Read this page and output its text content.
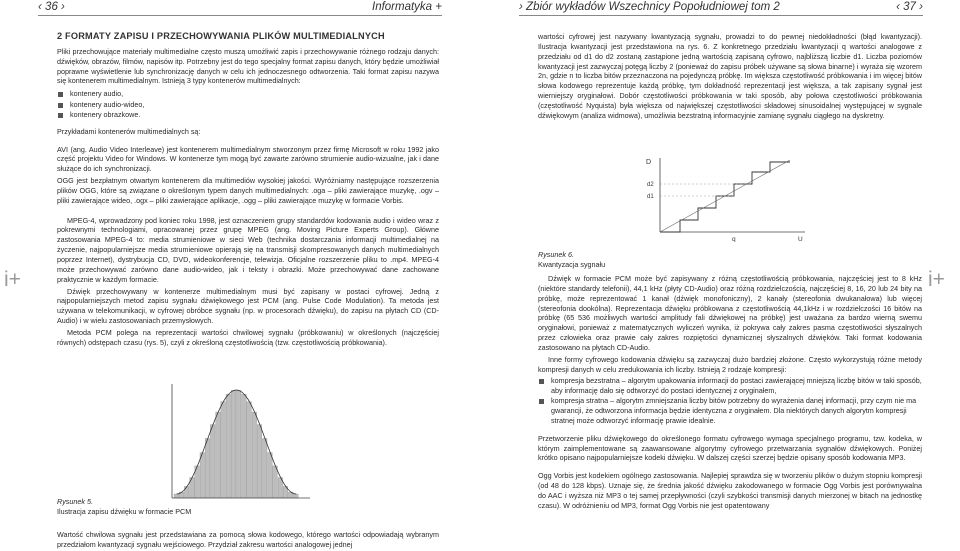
‹ 36 ›	Informatyka +	› Zbiór wykładów Wszechnicy Popołudniowej tom 2	‹ 37 ›
i+	i+
2 FORMATY ZAPISU I PRZECHOWYWANIA PLIKÓW MULTIMEDIALNYCH

Pliki przechowujące materiały multimedialne często muszą umożliwić zapis i przechowywanie różnego rodzaju danych: dźwięków, obrazów, filmów, napisów itp. Potrzebny jest do tego specjalny format zapisu danych, który będzie umożliwiał poprawne wyświetlenie lub synchronizację danych w celu ich jednoczesnego odtworzenia. Taki format zapisu nazywa się kontenerem multimedialnym. Istnieją 3 typy kontenerów multimedialnych:

kontenery audio,
kontenery audio-wideo,
kontenery obrazkowe.

Przykładami kontenerów multimedialnych są:

AVI (ang. Audio Video Interleave) jest kontenerem multimedialnym stworzonym przez firmę Microsoft w roku 1992 jako część projektu Video for Windows. W kontenerze tym mogą być zawarte zarówno strumienie audio-wizualne, jak i dane służące do ich synchronizacji.

OGG jest bezpłatnym otwartym kontenerem dla multimediów wysokiej jakości. Wyróżniamy następujące rozszerzenia plików OGG, które są związane o określonym typem danych multimedialnych: .oga – pliki zawierające muzykę, .ogv – pliki zawierające wideo, .ogx – pliki zawierające aplikacje, .ogg – pliki zawierające muzykę w formacie Vorbis.

MPEG-4, wprowadzony pod koniec roku 1998, jest oznaczeniem grupy standardów kodowania audio i wideo wraz z pokrewnymi technologiami, opracowanej przez grupę MPEG (ang. Moving Picture Experts Group). Główne zastosowania MPEG-4 to: media strumieniowe w sieci Web (technika dostarczania informacji multimedialnej na życzenie, najpopularniejsze media strumieniowe opierają się na transmisji skompresowanych danych multimedialnych poprzez Internet), dystrybucja CD, DVD, wideokonferencje, telewizja. Oficjalne rozszerzenie pliku to .mp4. MPEG-4 może przechowywać zarówno dane audio-wideo, jak i teksty i obrazki. Może przechowywać dane zachowane praktycznie w każdym formacie.

Dźwięk przechowywany w kontenerze multimedialnym musi być zapisany w postaci cyfrowej. Jedną z najpopularniejszych metod zapisu sygnału dźwiękowego jest PCM (ang. Pulse Code Modulation). Ta metoda jest używana w telekomunikacji, w cyfrowej obróbce sygnału (np. w procesorach dźwięku), do zapisu na płytach CD (CD-Audio) i w wielu zastosowaniach przemysłowych.

Metoda PCM polega na reprezentacji wartości chwilowej sygnału (próbkowaniu) w określonych (najczęściej równych) odstępach czasu (rys. 5), czyli z określoną częstotliwością (tzw. częstotliwością próbkowania).

Rysunek 5.
Ilustracja zapisu dźwięku w formacie PCM

Wartość chwilowa sygnału jest przedstawiana za pomocą słowa kodowego, którego wartości odpowiadają wybranym przedziałom kwantyzacji sygnału wejściowego. Przydział zakresu wartości analogowej jednej

wartości cyfrowej jest nazywany kwantyzacją sygnału, prowadzi to do pewnej niedokładności (błąd kwantyzacji). Ilustracja kwantyzacji jest przedstawiona na rys. 6. Z konkretnego przedziału kwantyzacji q wartości analogowe z przedziału od d1 do d2 zostaną zastąpione jedną wartością zapisaną cyfrowo, najbliższą liczbie d1. Liczba poziomów kwantyzacji jest zazwyczaj potęgą liczby 2 (ponieważ do zapisu próbek używane są słowa binarne) i wyraża się wzorem 2n, gdzie n to liczba bitów przeznaczona na pojedynczą próbkę. Im większa częstotliwość próbkowania i im więcej bitów słowa kodowego reprezentuje każdą próbkę, tym dokładność reprezentacji jest większa, a tak zapisany sygnał jest wierniejszy oryginałowi. Dobór częstotliwości próbkowania w taki sposób, aby połowa częstotliwości próbkowania (częstotliwość Nyquista) była większa od największej częstotliwości składowej sinusoidalnej występującej w sygnale dźwiękowym (analiza widmowa), umożliwia bezstratną informacyjnie zamianę sygnału ciągłego na dyskretny.

D
d2
d1
q	U
Rysunek 6.
Kwantyzacja sygnału

Dźwięk w formacie PCM może być zapisywany z różną częstotliwością próbkowania, najczęściej jest to 8 kHz (niektóre standardy telefonii), 44,1 kHz (płyty CD-Audio) oraz różną rozdzielczością, najczęściej 8, 16, 20 lub 24 bity na próbkę, może reprezentować 1 kanał (dźwięk monofoniczny), 2 kanały (stereofonia dwukanałowa) lub więcej (stereofonia dookólna). Reprezentacja dźwięku próbkowana z częstotliwością 44,1kHz i w rozdzielczości 16 bitów na próbkę (65 536 możliwych wartości amplitudy fali dźwiękowej na próbkę) jest uważana za bardzo wierną swemu oryginałowi, ponieważ z matematycznych wyliczeń wynika, iż pokrywa cały zakres pasma częstotliwości słyszalnych przez człowieka oraz prawie cały zakres rozpiętości dynamicznej słyszalnych dźwięków. Taki format kodowania zastosowano na płytach CD-Audio.

Inne formy cyfrowego kodowania dźwięku są zazwyczaj dużo bardziej złożone. Często wykorzystują różne metody kompresji danych w celu zredukowania ich liczby. Istnieją 2 rodzaje kompresji:

kompresja bezstratna – algorytm upakowania informacji do postaci zawierającej mniejszą liczbę bitów w taki sposób, aby informację dało się odtworzyć do postaci identycznej z oryginałem,
kompresja stratna – algorytm zmniejszania liczby bitów potrzebny do wyrażenia danej informacji, przy czym nie ma gwarancji, że odtworzona informacja będzie identyczna z oryginałem. Dla niektórych danych algorytm kompresji stratnej może odtworzyć informację prawie idealnie.

Przetworzenie pliku dźwiękowego do określonego formatu cyfrowego wymaga specjalnego programu, tzw. kodeka, w którym zaimplementowane są zaawansowane algorytmy cyfrowego przetwarzania sygnałów dźwiękowych. Poniżej krótko opisano najpopularniejsze kodeki dźwięku. W dalszej części szerzej będzie opisany sposób kodowania MP3.

Ogg Vorbis jest kodekiem ogólnego zastosowania. Najlepiej sprawdza się w tworzeniu plików o dużym stopniu kompresji (od 48 do 128 kbps). Uznaje się, że średnia jakość dźwięku zakodowanego w formacie Ogg Vorbis jest porównywalna do AAC i wyższa niż MP3 o tej samej przepływności (czyli szybkości transmisji danych mierzonej w bitach na jednostkę czasu). W odróżnieniu od MP3, format Ogg Vorbis nie jest opatentowany
